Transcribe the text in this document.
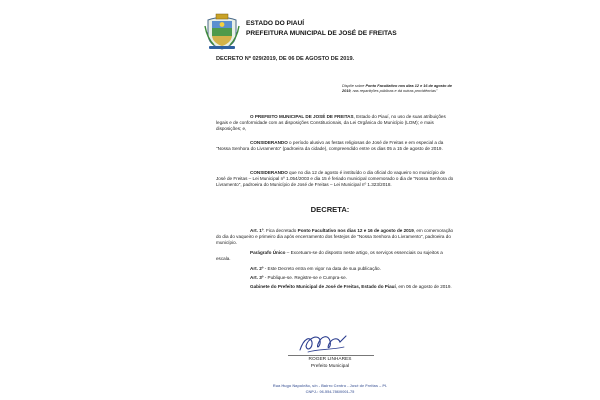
ESTADO DO PIAUÍ
PREFEITURA MUNICIPAL DE JOSÉ DE FREITAS
DECRETO Nº 029/2019, DE 06 DE AGOSTO DE 2019.
Dispõe sobre Ponto Facultativo nos dias 12 e 16 de agosto de 2019, nas repartições públicas e dá outras providências"
O PREFEITO MUNICIPAL DE JOSÉ DE FREITAS, Estado do Piauí, no uso de suas atribuições legais e de conformidade com as disposições Constitucionais, da Lei Orgânica do Município (LOM); e mais disposições; e,
CONSIDERANDO o período alusivo as festas religiosas de José de Freitas e em especial a da "Nossa Senhora do Livramento" (padroeira da cidade), compreendido entre os dias 05 a 15 de agosto de 2019.
CONSIDERANDO que no dia 12 de agosto é instituído o dia oficial do vaqueiro no município de José de Freitas – Lei Municipal nº 1.054/2003 e dia 15 é feriado municipal comemorado o dia de "Nossa Senhora do Livramento", padroeira do Município de José de Freitas – Lei Municipal nº 1.323/2018.
DECRETA:
Art. 1º. Fica decretado Ponto Facultativo nos dias 12 e 16 de agosto de 2019, em comemoração do dia do vaqueiro e primeiro dia após encerramento dos festejos de "Nossa Senhora do Livramento", padroeira do município.
Parágrafo Único – Excetuam-se do disposto neste artigo, os serviços essenciais ou sujeitos a escala.
Art. 2º - Este Decreto entra em vigor na data de sua publicação.
Art. 3º - Publique-se. Registre-se e Cumpra-se.
Gabinete do Prefeito Municipal de José de Freitas, Estado do Piauí, em 06 de agosto de 2019.
ROGER LINHARES
Prefeito Municipal
Rua Hugo Napoleão, s/n - Bairro Centro - José de Freitas – PI.
CNPJ.: 06.554.786/0001-75
